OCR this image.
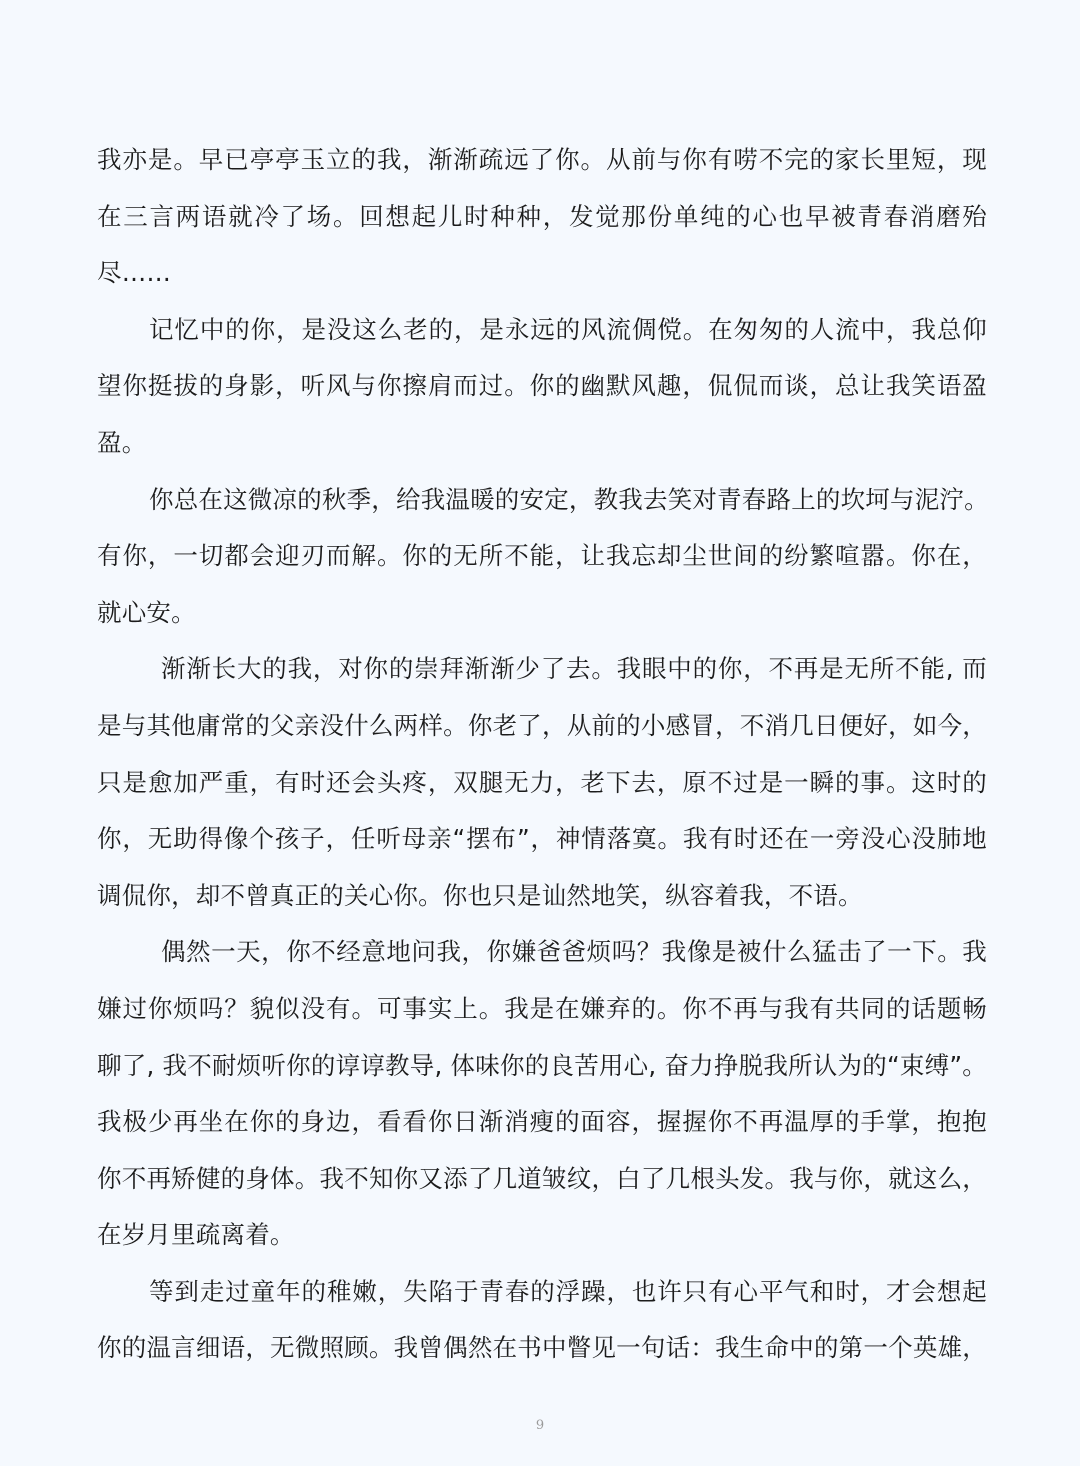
我亦是。早已亭亭玉立的我，渐渐疏远了你。从前与你有唠不完的家长里短，现
在三言两语就冷了场。回想起儿时种种，发觉那份单纯的心也早被青春消磨殆
尽……

记忆中的你，是没这么老的，是永远的风流倜傥。在匆匆的人流中，我总仰
望你挺拔的身影，听风与你擦肩而过。你的幽默风趣，侃侃而谈，总让我笑语盈
盈。

你总在这微凉的秋季，给我温暖的安定，教我去笑对青春路上的坎坷与泥泞。
有你，一切都会迎刃而解。你的无所不能，让我忘却尘世间的纷繁喧嚣。你在，
就心安。

渐渐长大的我，对你的崇拜渐渐少了去。我眼中的你，不再是无所不能, 而
是与其他庸常的父亲没什么两样。你老了，从前的小感冒，不消几日便好，如今，
只是愈加严重，有时还会头疼，双腿无力，老下去，原不过是一瞬的事。这时的
你，无助得像个孩子，任听母亲“摆布”，神情落寞。我有时还在一旁没心没肺地
调侃你，却不曾真正的关心你。你也只是讪然地笑，纵容着我，不语。

偶然一天，你不经意地问我，你嫌爸爸烦吗？我像是被什么猛击了一下。我
嫌过你烦吗？貌似没有。可事实上。我是在嫌弃的。你不再与我有共同的话题畅
聊了, 我不耐烦听你的谆谆教导, 体味你的良苦用心, 奋力挣脱我所认为的“束缚”。
我极少再坐在你的身边，看看你日渐消瘦的面容，握握你不再温厚的手掌，抱抱
你不再矫健的身体。我不知你又添了几道皱纹，白了几根头发。我与你，就这么，
在岁月里疏离着。

等到走过童年的稚嫩，失陷于青春的浮躁，也许只有心平气和时，才会想起
你的温言细语，无微照顾。我曾偶然在书中瞥见一句话：我生命中的第一个英雄，

9
